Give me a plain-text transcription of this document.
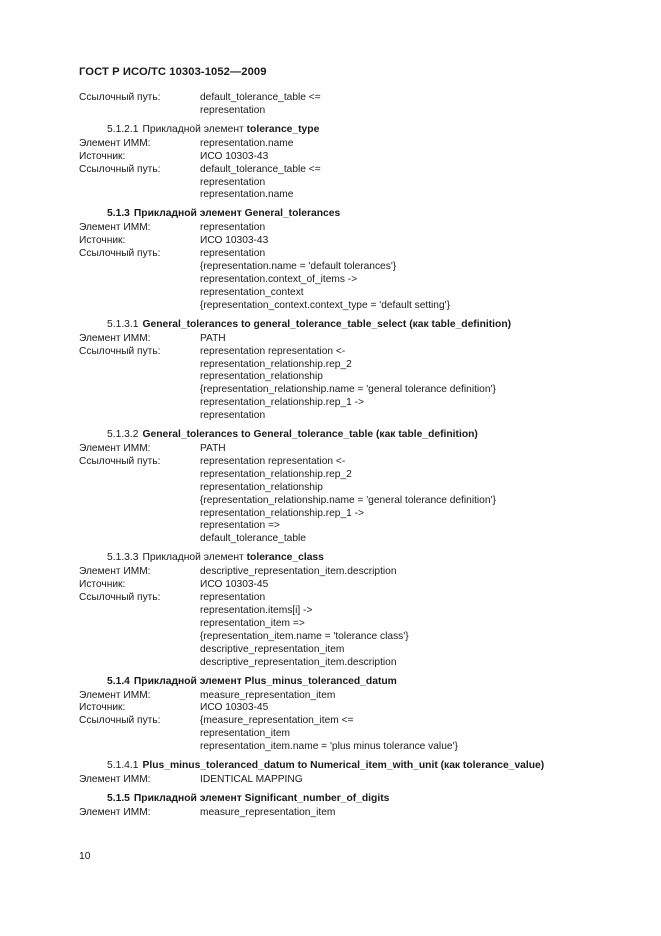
ГОСТ Р ИСО/ТС 10303-1052—2009
Ссылочный путь:	default_tolerance_table <=
representation
5.1.2.1 Прикладной элемент tolerance_type
Элемент ИММ:	representation.name
Источник:	ИСО 10303-43
Ссылочный путь:	default_tolerance_table <=
representation
representation.name
5.1.3 Прикладной элемент General_tolerances
Элемент ИММ:	representation
Источник:	ИСО 10303-43
Ссылочный путь:	representation
{representation.name = 'default tolerances'}
representation.context_of_items ->
representation_context
{representation_context.context_type = 'default setting'}
5.1.3.1 General_tolerances to general_tolerance_table_select (как table_definition)
Элемент ИММ:	PATH
Ссылочный путь:	representation representation <-
representation_relationship.rep_2
representation_relationship
{representation_relationship.name = 'general tolerance definition'}
representation_relationship.rep_1 ->
representation
5.1.3.2 General_tolerances to General_tolerance_table (как table_definition)
Элемент ИММ:	PATH
Ссылочный путь:	representation representation <-
representation_relationship.rep_2
representation_relationship
{representation_relationship.name = 'general tolerance definition'}
representation_relationship.rep_1 ->
representation =>
default_tolerance_table
5.1.3.3 Прикладной элемент tolerance_class
Элемент ИММ:	descriptive_representation_item.description
Источник:	ИСО 10303-45
Ссылочный путь:	representation
representation.items[i] ->
representation_item =>
{representation_item.name = 'tolerance class'}
descriptive_representation_item
descriptive_representation_item.description
5.1.4 Прикладной элемент Plus_minus_toleranced_datum
Элемент ИММ:	measure_representation_item
Источник:	ИСО 10303-45
Ссылочный путь:	{measure_representation_item <=
representation_item
representation_item.name = 'plus minus tolerance value'}
5.1.4.1 Plus_minus_toleranced_datum to Numerical_item_with_unit (как tolerance_value)
Элемент ИММ:	IDENTICAL MAPPING
5.1.5 Прикладной элемент Significant_number_of_digits
Элемент ИММ:	measure_representation_item
10
